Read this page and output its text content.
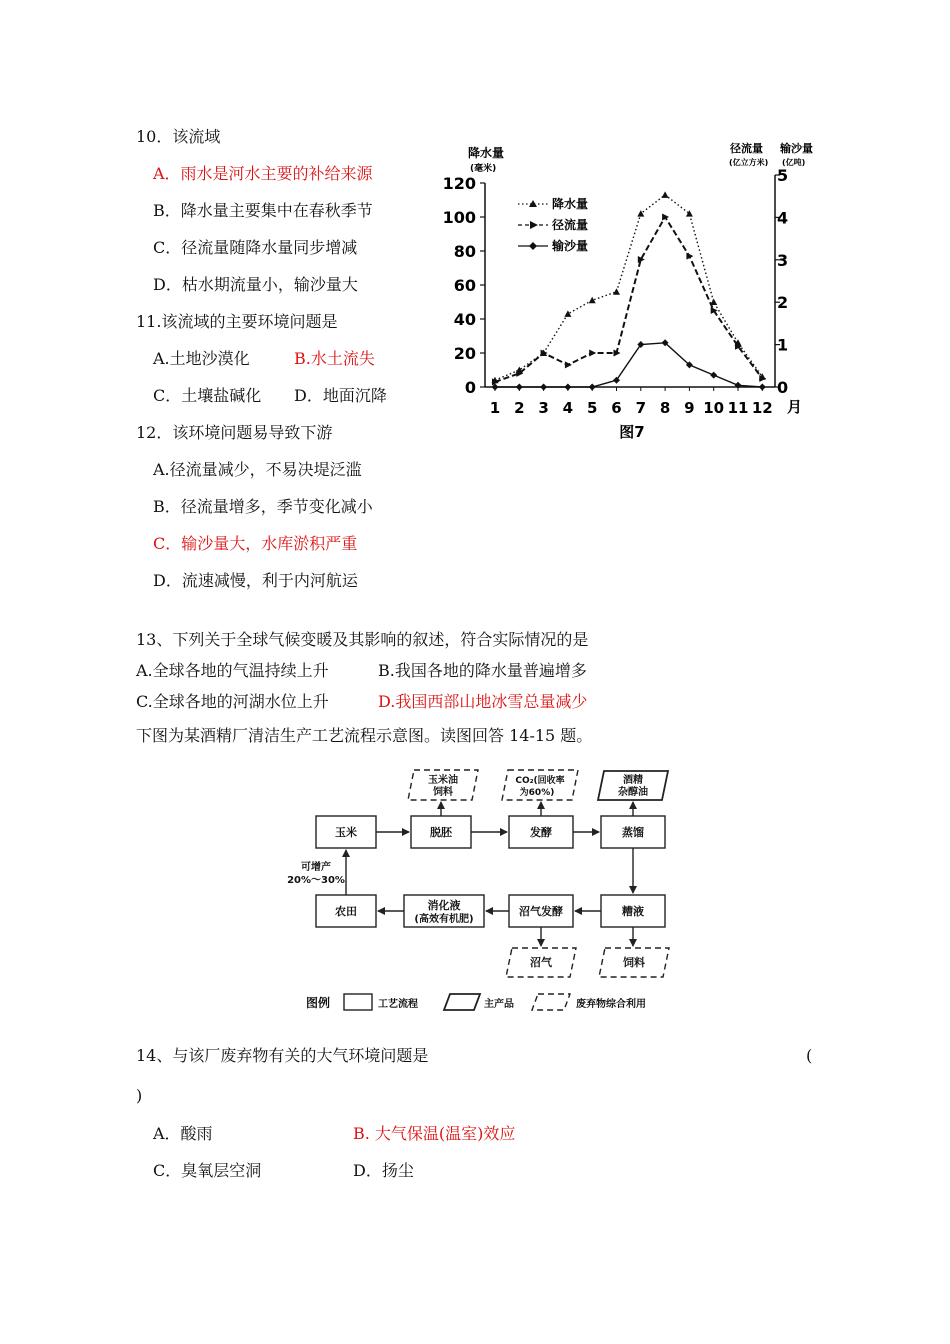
10．该流域
A．雨水是河水主要的补给来源
B．降水量主要集中在春秋季节
C．径流量随降水量同步增减
D．枯水期流量小，输沙量大
11.该流域的主要环境问题是
A.土地沙漠化	B.水土流失
C．土壤盐碱化 D．地面沉降
12．该环境问题易导致下游
A.径流量减少，不易决堤泛滥
B．径流量增多，季节变化减小
C．输沙量大，水库淤积严重
D．流速减慢，利于内河航运
13、下列关于全球气候变暖及其影响的叙述，符合实际情况的是
A.全球各地的气温持续上升	B.我国各地的降水量普遍增多
C.全球各地的河湖水位上升	D.我国西部山地冰雪总量减少
下图为某酒精厂清洁生产工艺流程示意图。读图回答 14-15 题。
14、与该厂废弃物有关的大气环境问题是	(
)
A．酸雨	B. 大气保温(温室)效应
C．臭氧层空洞	D．扬尘
降水量
(毫米)
径流量
(亿立方米)
输沙量
(亿吨)
图7
月
降水量
径流量
输沙量
0
20
40
60
80
100
120
0
1
2
3
4
5
1 2 3 4 5 6 7 8 9 10 11 12
玉米	脱胚	发酵	蒸馏
农田	消化液
(高效有机肥)
沼气发酵	糟液
玉米油
饲料
CO₂(回收率
为60%)
酒精
杂醇油
沼气	饲料
可增产
20%～30%
图例	工艺流程	主产品	废弃物综合利用
